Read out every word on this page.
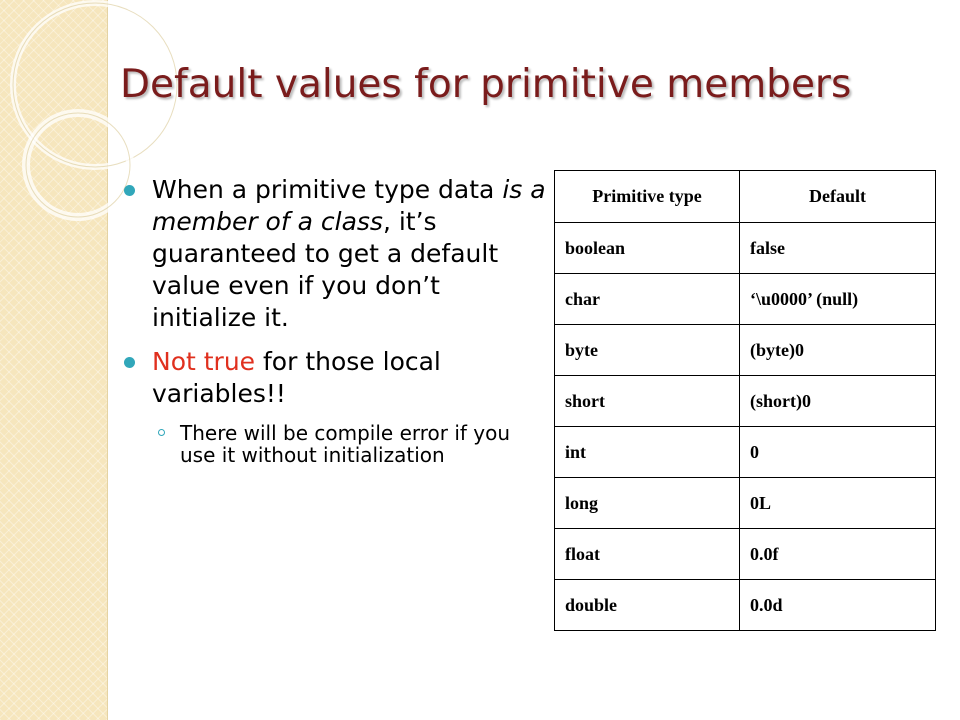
Default values for primitive members
When a primitive type data is a member of a class, it’s guaranteed to get a default value even if you don’t initialize it.
Not true for those local variables!!
There will be compile error if you use it without initialization
Primitive type	Default
boolean	false
char	‘\u0000’ (null)
byte	(byte)0
short	(short)0
int	0
long	0L
float	0.0f
double	0.0d
